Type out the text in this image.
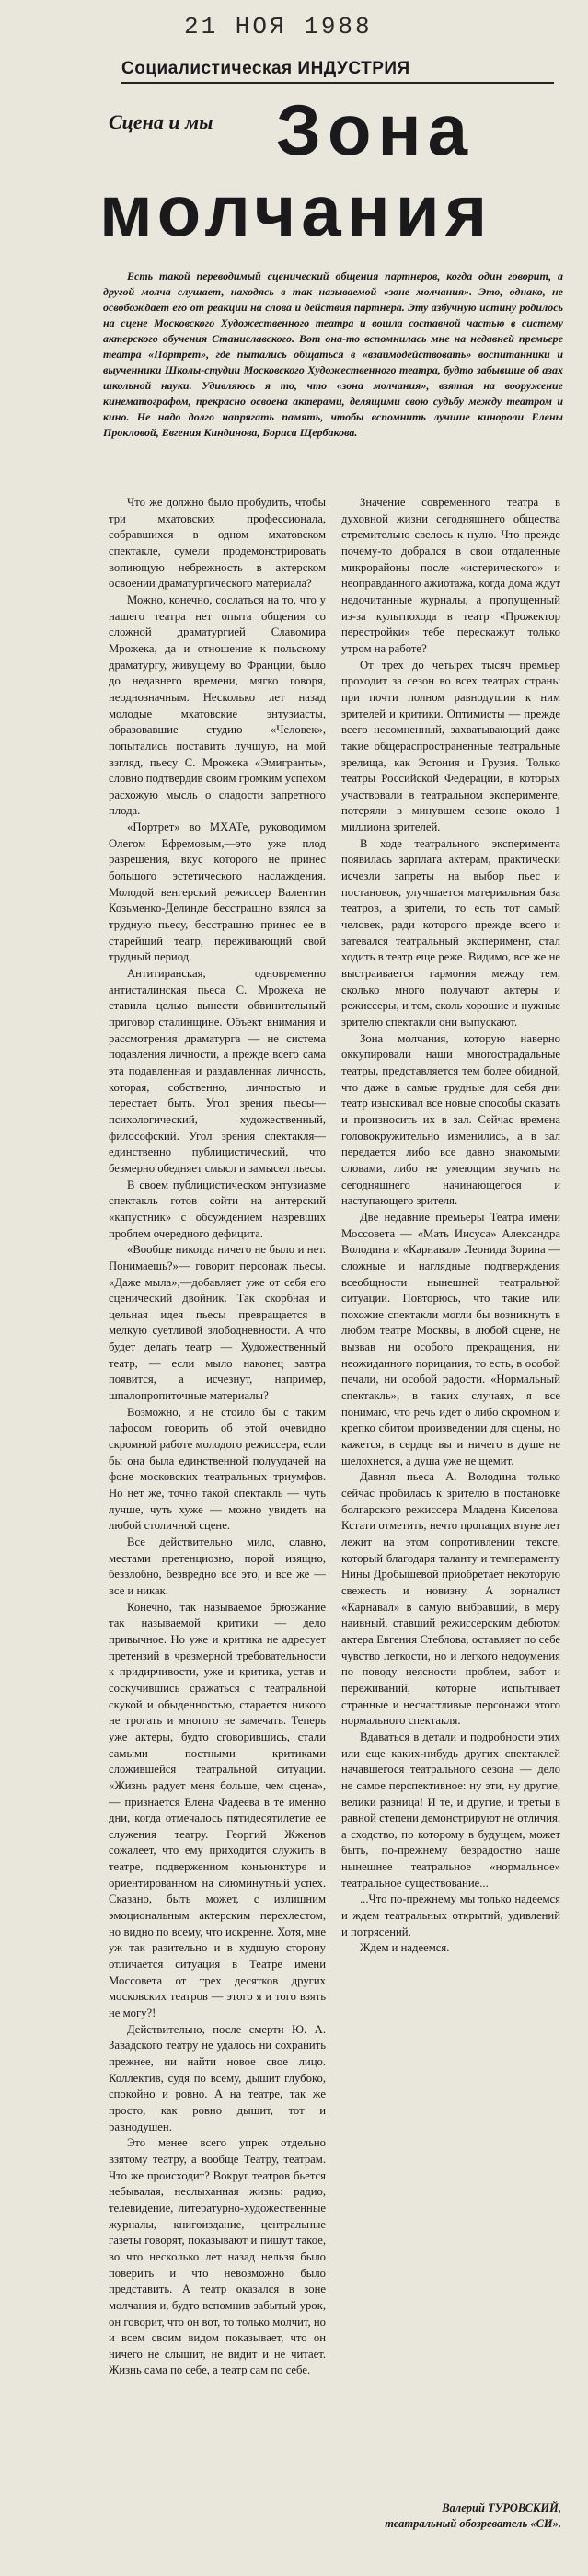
21 НОЯ 1988
Социалистическая ИНДУСТРИЯ
Сцена и мы Зона
молчания
Есть такой переводимый сценический общения партнеров, когда один говорит, а другой молча слушает, находясь в так называемой «зоне молчания». Это, однако, не освобождает его от реакции на слова и действия партнера. Эту азбучную истину родилось на сцене Московского Художественного театра и вошла составной частью в систему актерского обучения Станиславского. Вот она-то вспомнилась мне на недавней премьере театра «Портрет», где пытались общаться в «взаимодействовать» воспитанники и выученники Школы-студии Московского Художественного театра, будто забывшие об азах школьной науки. Удивляюсь я то, что «зона молчания», взятая на вооружение кинематографом, прекрасно освоена актерами, делящими свою судьбу между театром и кино. Не надо долго напрягать память, чтобы вспомнить лучшие кинороли Елены Прокловой, Евгения Киндинова, Бориса Щербакова.

Что же должно было пробудить, чтобы три мхатовских профессионала, собравшихся в одном мхатовском спектакле, сумели продемонстрировать вопиющую небрежность в актерском освоении драматургического материала?

Можно, конечно, сослаться на то, что у нашего театра нет опыта общения со сложной драматургией Славомира Мрожека, да и отношение к польскому драматургу, живущему во Франции, было до недавнего времени, мягко говоря, неоднозначным. Несколько лет назад молодые мхатовские энтузиасты, образовавшие студию «Человек», попытались поставить лучшую, на мой взгляд, пьесу С. Мрожека «Эмигранты», словно подтвердив своим громким успехом расхожую мысль о сладости запретного плода.

«Портрет» во МХАТе, руководимом Олегом Ефремовым,—это уже плод разрешения, вкус которого не принес большого эстетического наслаждения. Молодой венгерский режиссер Валентин Козьменко-Делинде бесстрашно взялся за трудную пьесу, бесстрашно принес ее в старейший театр, переживающий свой трудный период.

Антитиранская, одновременно антисталинская пьеса С. Мрожека не ставила целью вынести обвинительный приговор сталинщине. Объект внимания и рассмотрения драматурга — не система подавления личности, а прежде всего сама эта подавленная и раздавленная личность, которая, собственно, личностью и перестает быть. Угол зрения пьесы—психологический, художественный, философский. Угол зрения спектакля—единственно публицистический, что безмерно обедняет смысл и замысел пьесы.

В своем публицистическом энтузиазме спектакль готов сойти на антерский «капустник» с обсуждением назревших проблем очередного дефицита.

«Вообще никогда ничего не было и нет. Понимаешь?»— говорит персонаж пьесы. «Даже мыла»,—добавляет уже от себя его сценический двойник. Так скорбная и цельная идея пьесы превращается в мелкую суетливой злободневности. А что будет делать театр — Художественный театр, — если мыло наконец завтра появится, а исчезнут, например, шпалопропиточные материалы?

Возможно, и не стоило бы с таким пафосом говорить об этой очевидно скромной работе молодого режиссера, если бы она была единственной полуудачей на фоне московских театральных триумфов. Но нет же, точно такой спектакль — чуть лучше, чуть хуже — можно увидеть на любой столичной сцене.

Все действительно мило, славно, местами претенциозно, порой изящно, беззлобно, безвредно все это, и все же — все и никак.

Конечно, так называемое брюзжание так называемой критики — дело привычное. Но уже и критика не адресует претензий в чрезмерной требовательности к придирчивости, уже и критика, устав и соскучившись сражаться с театральной скукой и обыденностью, старается никого не трогать и многого не замечать. Теперь уже актеры, будто сговорившись, стали самыми постными критиками сложившейся театральной ситуации. «Жизнь радует меня больше, чем сцена»,— признается Елена Фадеева в те именно дни, когда отмечалось пятидесятилетие ее служения театру. Георгий Жженов сожалеет, что ему приходится служить в театре, подверженном конъюнктуре и ориентированном на сиюминутный успех. Сказано, быть может, с излишним эмоциональным актерским перехлестом, но видно по всему, что искренне. Хотя, мне уж так разительно и в худшую сторону отличается ситуация в Театре имени Моссовета от трех десятков других московских театров — этого я и того взять не могу?!

Действительно, после смерти Ю. А. Завадского театру не удалось ни сохранить прежнее, ни найти новое свое лицо. Коллектив, судя по всему, дышит глубоко, спокойно и ровно. А на театре, так же просто, как ровно дышит, тот и равнодушен.

Это менее всего упрек отдельно взятому театру, а вообще Театру, театрам. Что же происходит? Вокруг театров бьется небывалая, неслыханная жизнь: радио, телевидение, литературно-художественные журналы, книгоиздание, центральные газеты говорят, показывают и пишут такое, во что несколько лет назад нельзя было поверить и что невозможно было представить. А театр оказался в зоне молчания и, будто вспомнив забытый урок, он говорит, что он вот, то только молчит, но и всем своим видом показывает, что он ничего не слышит, не видит и не читает. Жизнь сама по себе, а театр сам по себе.

Значение современного театра в духовной жизни сегодняшнего общества стремительно свелось к нулю. Что прежде почему-то добрался в свои отдаленные микрорайоны после «истерического» и неоправданного ажиотажа, когда дома ждут недочитанные журналы, а пропущенный из-за культпохода в театр «Прожектор перестройки» тебе перескажут только утром на работе?

От трех до четырех тысяч премьер проходит за сезон во всех театрах страны при почти полном равнодушии к ним зрителей и критики. Оптимисты — прежде всего несомненный, захватывающий даже такие общераспространенные театральные зрелища, как Эстония и Грузия. Только театры Российской Федерации, в которых участвовали в театральном эксперименте, потеряли в минувшем сезоне около 1 миллиона зрителей.

В ходе театрального эксперимента появилась зарплата актерам, практически исчезли запреты на выбор пьес и постановок, улучшается материальная база театров, а зрители, то есть тот самый человек, ради которого прежде всего и затевался театральный эксперимент, стал ходить в театр еще реже. Видимо, все же не выстраивается гармония между тем, сколько много получают актеры и режиссеры, и тем, сколь хорошие и нужные зрителю спектакли они выпускают.

Зона молчания, которую наверно оккупировали наши многострадальные театры, представляется тем более обидной, что даже в самые трудные для себя дни театр изыскивал все новые способы сказать и произносить их в зал. Сейчас времена головокружительно изменились, а в зал передается либо все давно знакомыми словами, либо не умеющим звучать на сегодняшнего начинающегося и наступающего зрителя.

Две недавние премьеры Театра имени Моссовета — «Мать Иисуса» Александра Володина и «Карнавал» Леонида Зорина — сложные и наглядные подтверждения всеобщности нынешней театральной ситуации. Повторюсь, что такие или похожие спектакли могли бы возникнуть в любом театре Москвы, в любой сцене, не вызвав ни особого прекращения, ни неожиданного порицания, то есть, в особой печали, ни особой радости. «Нормальный спектакль», в таких случаях, я все понимаю, что речь идет о либо скромном и крепко сбитом произведении для сцены, но кажется, в сердце вы и ничего в душе не шелохнется, а душа уже не щемит.

Давняя пьеса А. Володина только сейчас пробилась к зрителю в постановке болгарского режиссера Младена Киселова. Кстати отметить, нечто пропащих втуне лет лежит на этом сопротивлении тексте, который благодаря таланту и темпераменту Нины Дробышевой приобретает некоторую свежесть и новизну. А зорналист «Карнавал» в самую выбравший, в меру наивный, ставший режиссерским дебютом актера Евгения Стеблова, оставляет по себе чувство легкости, но и легкого недоумения по поводу неясности проблем, забот и переживаний, которые испытывает странные и несчастливые персонажи этого нормального спектакля.

Вдаваться в детали и подробности этих или еще каких-нибудь других спектаклей начавшегося театрального сезона — дело не самое перспективное: ну эти, ну другие, велики разница! И те, и другие, и третьи в равной степени демонстрируют не отличия, а сходство, по которому в будущем, может быть, по-прежнему безрадостно наше нынешнее театральное «нормальное» театральное существование...

...Что по-прежнему мы только надеемся и ждем театральных открытий, удивлений и потрясений.

Ждем и надеемся.

Валерий ТУРОВСКИЙ,
театральный обозреватель «СИ».
